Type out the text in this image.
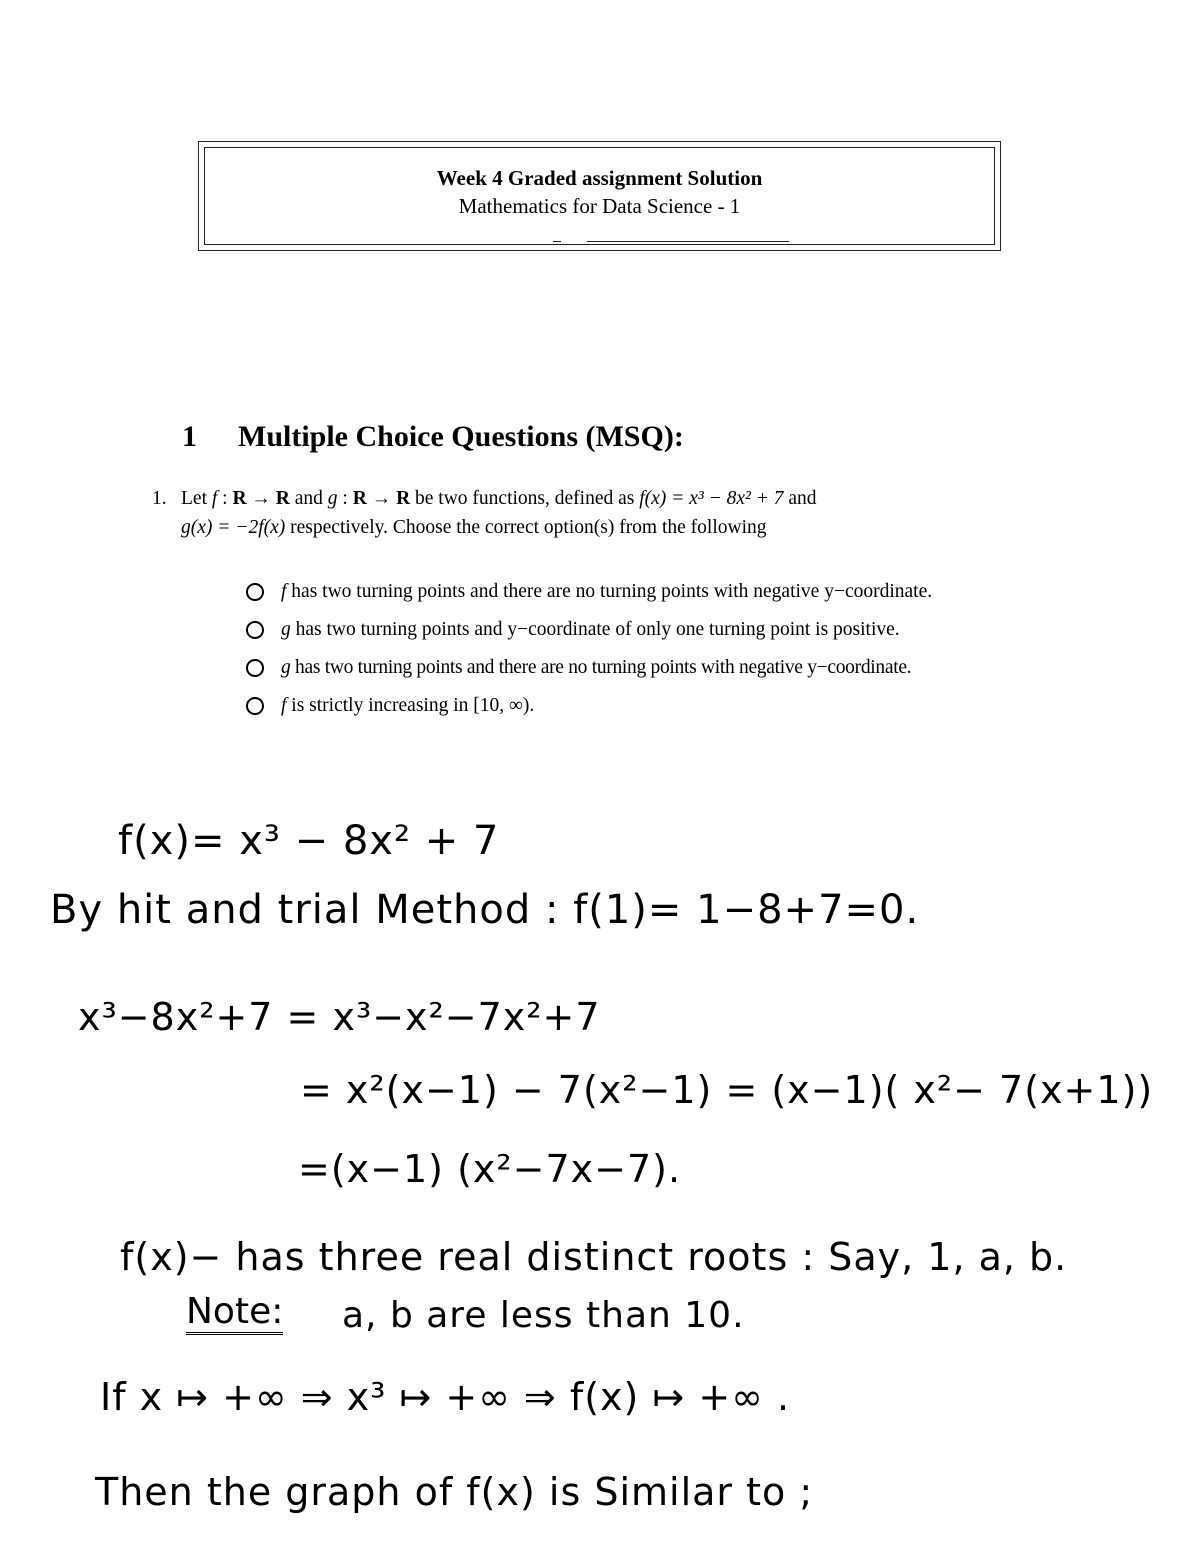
Week 4 Graded assignment Solution
Mathematics for Data Science - 1
1 Multiple Choice Questions (MSQ):
1. Let f : R → R and g : R → R be two functions, defined as f(x) = x³ − 8x² + 7 and
g(x) = −2f(x) respectively. Choose the correct option(s) from the following
f has two turning points and there are no turning points with negative y−coordinate.
g has two turning points and y−coordinate of only one turning point is positive.
g has two turning points and there are no turning points with negative y−coordinate.
f is strictly increasing in [10, ∞).
f(x)= x³ − 8x² + 7
By hit and trial Method : f(1)= 1−8+7=0.
x³−8x²+7 = x³−x²−7x²+7
= x²(x−1) − 7(x²−1) = (x−1)( x²− 7(x+1))
=(x−1) (x²−7x−7).
f(x)− has three real distinct roots : Say, 1, a, b.
Note: a, b are less than 10.
If x ↦ +∞ ⇒ x³ ↦ +∞ ⇒ f(x) ↦ +∞ .
Then the graph of f(x) is Similar to ;
